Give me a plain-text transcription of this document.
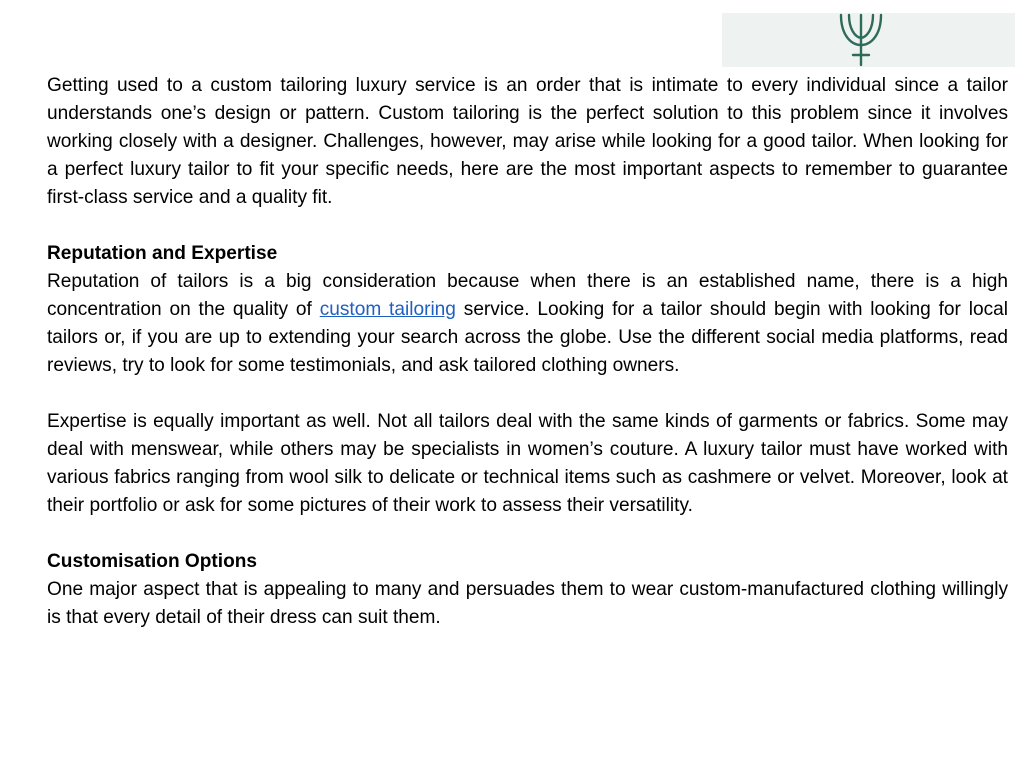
Getting used to a custom tailoring luxury service is an order that is intimate to every individual since a tailor understands one’s design or pattern. Custom tailoring is the perfect solution to this problem since it involves working closely with a designer. Challenges, however, may arise while looking for a good tailor. When looking for a perfect luxury tailor to fit your specific needs, here are the most important aspects to remember to guarantee first-class service and a quality fit.

Reputation and Expertise

Reputation of tailors is a big consideration because when there is an established name, there is a high concentration on the quality of custom tailoring service. Looking for a tailor should begin with looking for local tailors or, if you are up to extending your search across the globe. Use the different social media platforms, read reviews, try to look for some testimonials, and ask tailored clothing owners.

Expertise is equally important as well. Not all tailors deal with the same kinds of garments or fabrics. Some may deal with menswear, while others may be specialists in women’s couture. A luxury tailor must have worked with various fabrics ranging from wool silk to delicate or technical items such as cashmere or velvet. Moreover, look at their portfolio or ask for some pictures of their work to assess their versatility.

Customisation Options

One major aspect that is appealing to many and persuades them to wear custom-manufactured clothing willingly is that every detail of their dress can suit them.
